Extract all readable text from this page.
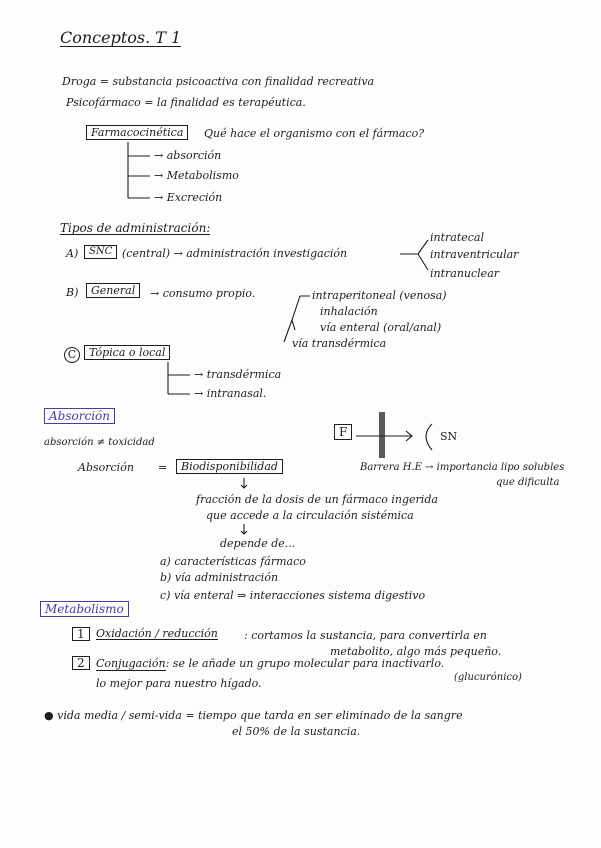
Conceptos. T 1
Droga = substancia psicoactiva con finalidad recreativa
Psicofármaco = la finalidad es terapéutica.
Farmacocinética	Qué hace el organismo con el fármaco?
→ absorción
→ Metabolismo
→ Excreción
Tipos de administración:
A)	SNC (central) → administración investigación
intratecal
intraventricular
intranuclear
B)	General	→ consumo propio.	intraperitoneal (venosa)
inhalación
vía enteral (oral/anal)
vía transdérmica
C	Tópica o local
→ transdérmica
→ intranasal.
Absorción
absorción ≠ toxicidad
F	SN
Barrera H.E → importancia lipo solubles
que dificulta
Absorción =	Biodisponibilidad
fracción de la dosis de un fármaco ingerida
que accede a la circulación sistémica
depende de...
a) características fármaco
b) vía administración
c) vía enteral ⇒ interacciones sistema digestivo
Metabolismo
1	Oxidación / reducción : cortamos la sustancia, para convertirla en
metabolito, algo más pequeño.
2	Conjugación: se le añade un grupo molecular para inactivarlo.
(glucurónico)
lo mejor para nuestro hígado.
● vida media / semi-vida = tiempo que tarda en ser eliminado de la sangre
el 50% de la sustancia.
